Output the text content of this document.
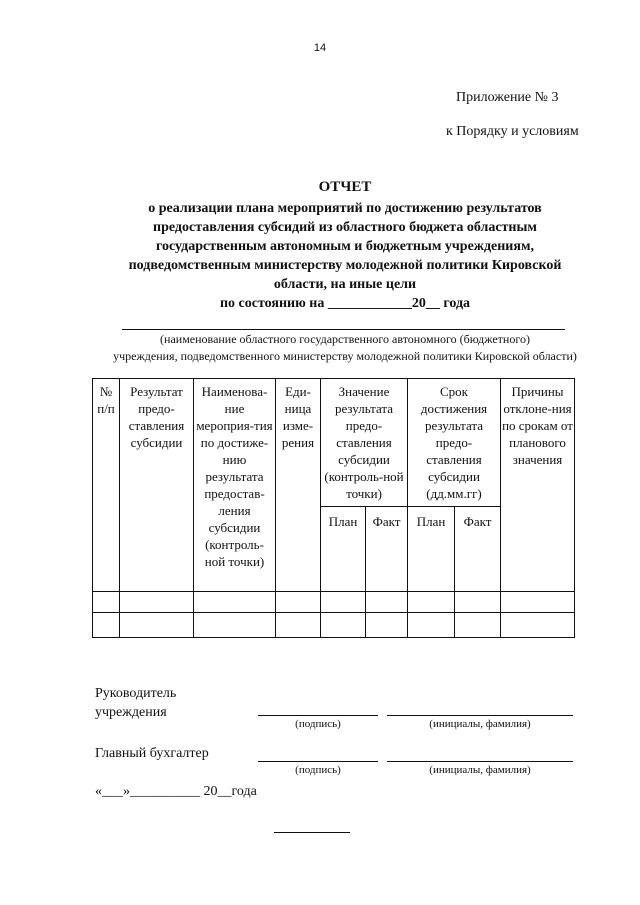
14
Приложение № 3
к Порядку и условиям
ОТЧЕТ
о реализации плана мероприятий по достижению результатов
предоставления субсидий из областного бюджета областным
государственным автономным и бюджетным учреждениям,
подведомственным министерству молодежной политики Кировской
области, на иные цели
по состоянию на ____________20__ года
(наименование областного государственного автономного (бюджетного)
учреждения, подведомственного министерству молодежной политики Кировской области)
№ п/п	Результат предо-ставления субсидии	Наименова-ние мероприя-тия по достиже-нию результата предостав-ления субсидии (контроль-ной точки)	Еди-ница изме-рения	Значение результата предо-ставления субсидии (контроль-ной точки)		Срок достижения результата предо-ставления субсидии (дд.мм.гг)		Причины отклоне-ния по срокам от планового значения
				План	Факт	План	Факт	

Руководитель
учреждения
(подпись)	(инициалы, фамилия)
Главный бухгалтер
(подпись)	(инициалы, фамилия)
«___»__________ 20__года
